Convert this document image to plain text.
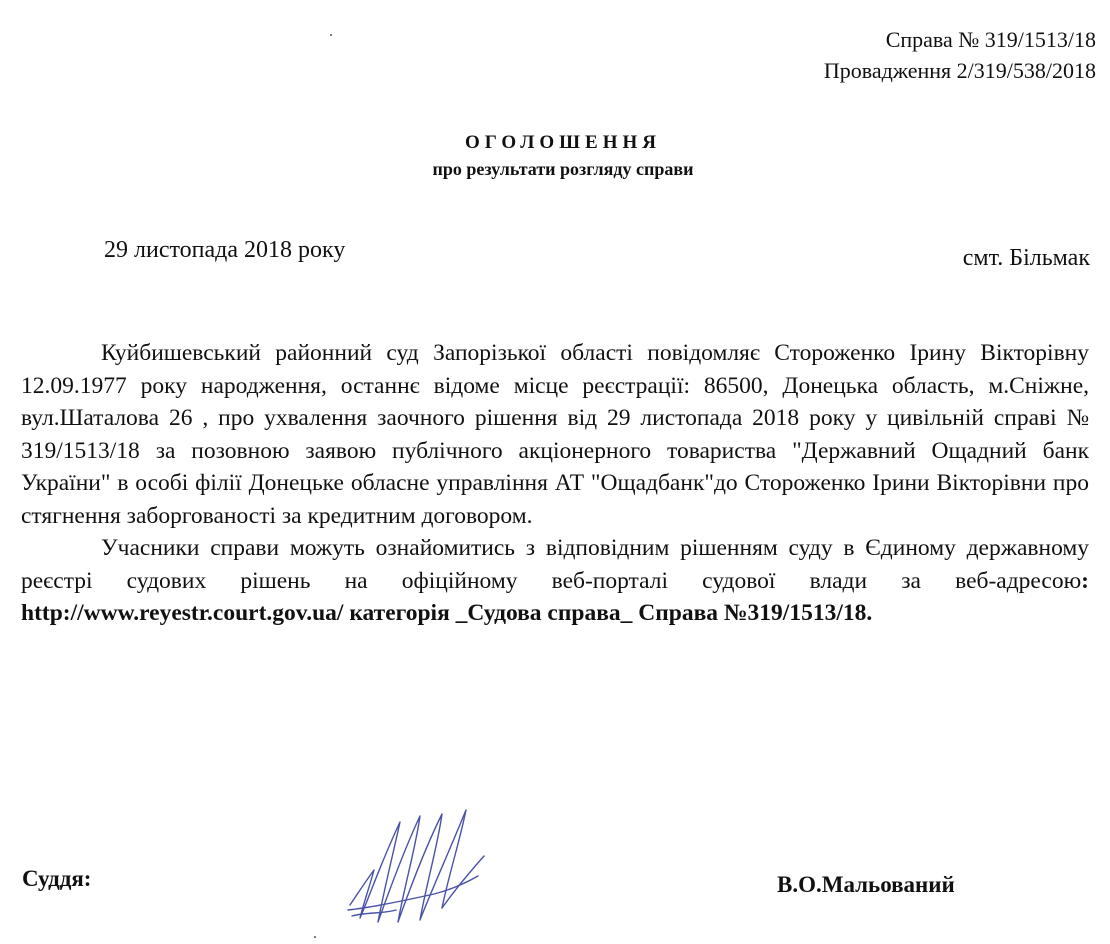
Справа № 319/1513/18
Провадження 2/319/538/2018
ОГОЛОШЕННЯ
про результати розгляду справи
29 листопада 2018 року	смт. Більмак

Куйбишевський районний суд Запорізької області повідомляє Стороженко Ірину Вікторівну 12.09.1977 року народження, останнє відоме місце реєстрації: 86500, Донецька область, м.Сніжне, вул.Шаталова 26 , про ухвалення заочного рішення від 29 листопада 2018 року у цивільній справі № 319/1513/18 за позовною заявою публічного акціонерного товариства "Державний Ощадний банк України" в особі філії Донецьке обласне управління АТ "Ощадбанк"до Стороженко Ірини Вікторівни про стягнення заборгованості за кредитним договором.

Учасники справи можуть ознайомитись з відповідним рішенням суду в Єдиному державному реєстрі судових рішень на офіційному веб-порталі судової влади за веб-адресою: http://www.reyestr.court.gov.ua/ категорія _Судова справа_ Справа №319/1513/18.

Суддя:	В.О.Мальований
